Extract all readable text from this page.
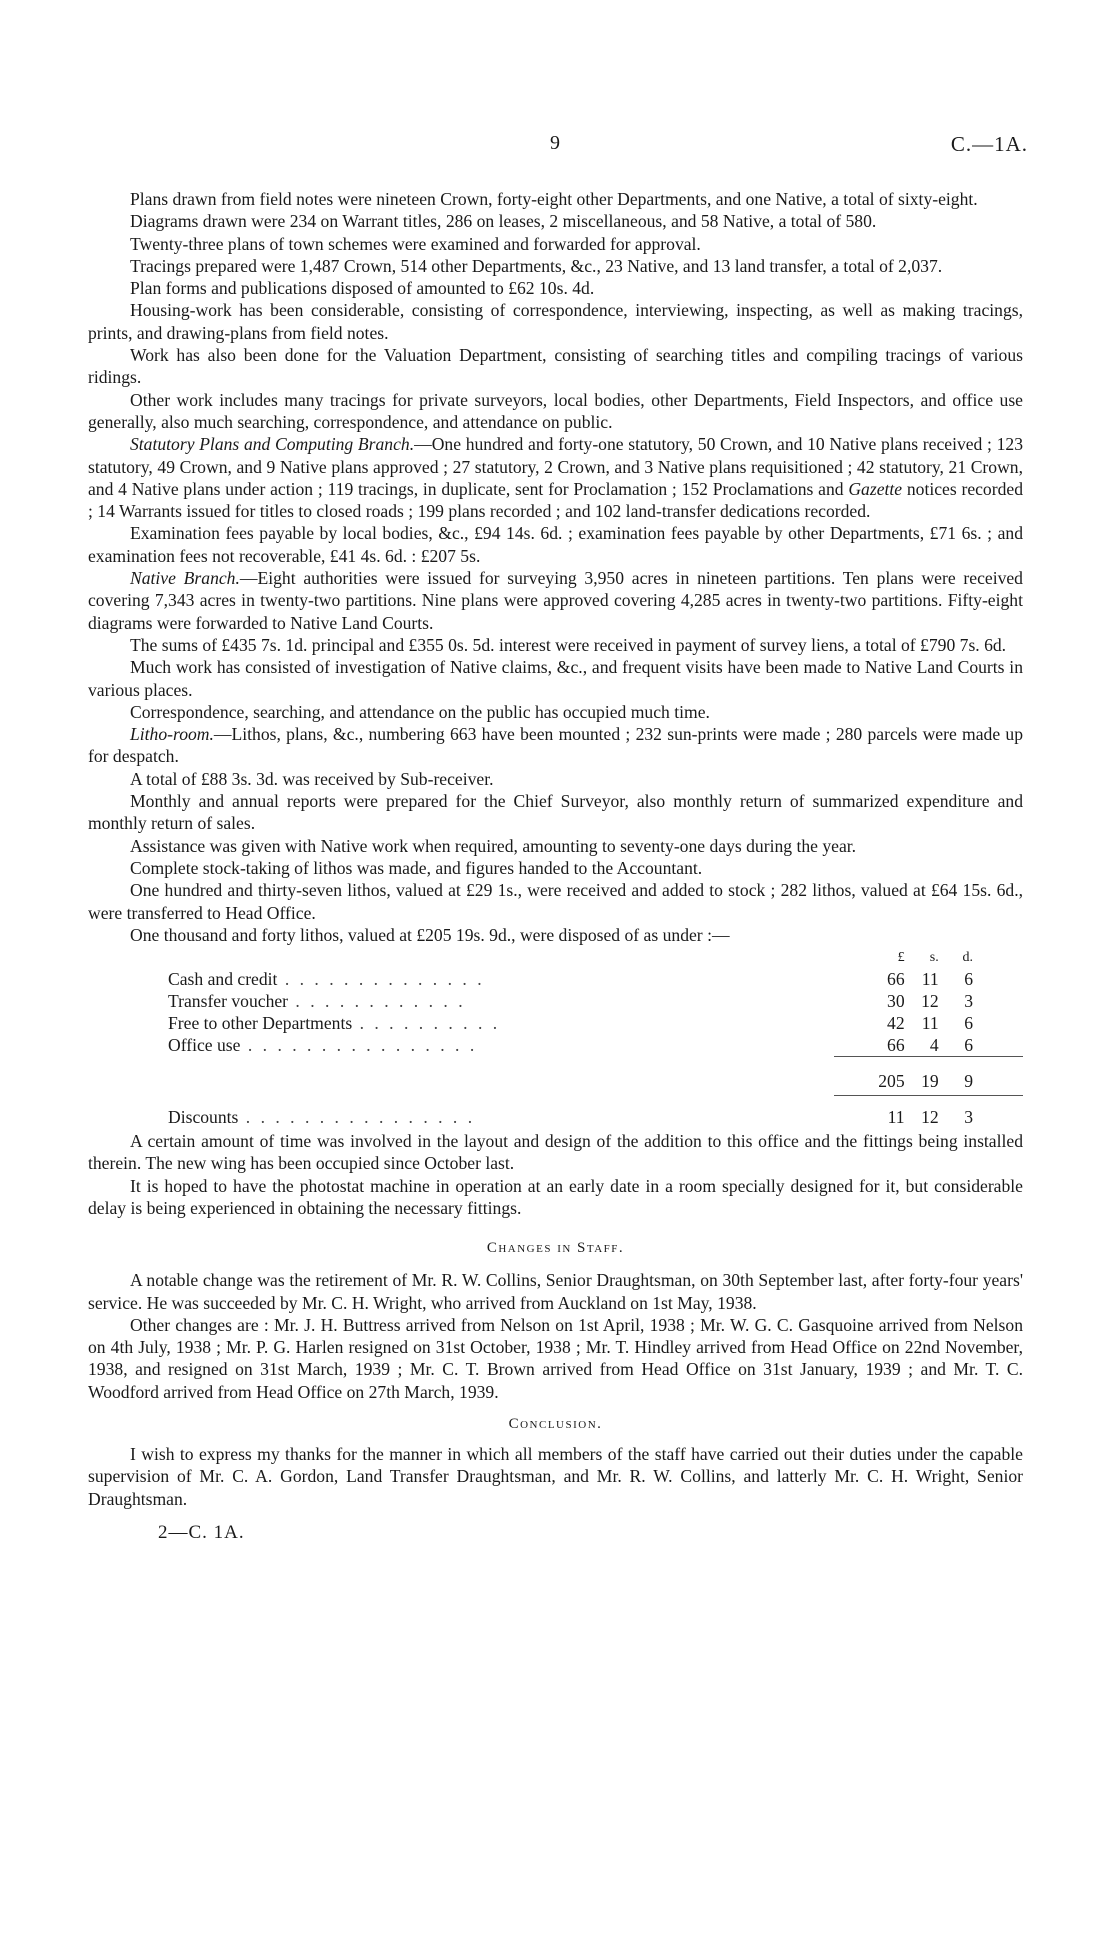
9	C.—1A.

Plans drawn from field notes were nineteen Crown, forty-eight other Departments, and one Native, a total of sixty-eight.

Diagrams drawn were 234 on Warrant titles, 286 on leases, 2 miscellaneous, and 58 Native, a total of 580.

Twenty-three plans of town schemes were examined and forwarded for approval.

Tracings prepared were 1,487 Crown, 514 other Departments, &c., 23 Native, and 13 land transfer, a total of 2,037.

Plan forms and publications disposed of amounted to £62 10s. 4d.

Housing-work has been considerable, consisting of correspondence, interviewing, inspecting, as well as making tracings, prints, and drawing-plans from field notes.

Work has also been done for the Valuation Department, consisting of searching titles and compiling tracings of various ridings.

Other work includes many tracings for private surveyors, local bodies, other Departments, Field Inspectors, and office use generally, also much searching, correspondence, and attendance on public.

Statutory Plans and Computing Branch.—One hundred and forty-one statutory, 50 Crown, and 10 Native plans received ; 123 statutory, 49 Crown, and 9 Native plans approved ; 27 statutory, 2 Crown, and 3 Native plans requisitioned ; 42 statutory, 21 Crown, and 4 Native plans under action ; 119 tracings, in duplicate, sent for Proclamation ; 152 Proclamations and Gazette notices recorded ; 14 Warrants issued for titles to closed roads ; 199 plans recorded ; and 102 land-transfer dedications recorded.

Examination fees payable by local bodies, &c., £94 14s. 6d. ; examination fees payable by other Departments, £71 6s. ; and examination fees not recoverable, £41 4s. 6d. : £207 5s.

Native Branch.—Eight authorities were issued for surveying 3,950 acres in nineteen partitions. Ten plans were received covering 7,343 acres in twenty-two partitions. Nine plans were approved covering 4,285 acres in twenty-two partitions. Fifty-eight diagrams were forwarded to Native Land Courts.

The sums of £435 7s. 1d. principal and £355 0s. 5d. interest were received in payment of survey liens, a total of £790 7s. 6d.

Much work has consisted of investigation of Native claims, &c., and frequent visits have been made to Native Land Courts in various places.

Correspondence, searching, and attendance on the public has occupied much time.

Litho-room.—Lithos, plans, &c., numbering 663 have been mounted ; 232 sun-prints were made ; 280 parcels were made up for despatch.

A total of £88 3s. 3d. was received by Sub-receiver.

Monthly and annual reports were prepared for the Chief Surveyor, also monthly return of summarized expenditure and monthly return of sales.

Assistance was given with Native work when required, amounting to seventy-one days during the year.

Complete stock-taking of lithos was made, and figures handed to the Accountant.

One hundred and thirty-seven lithos, valued at £29 1s., were received and added to stock ; 282 lithos, valued at £64 15s. 6d., were transferred to Head Office.

One thousand and forty lithos, valued at £205 19s. 9d., were disposed of as under :—

	£	s.	d.
Cash and credit . . . . . . . . . . . . . .	66	11	6
Transfer voucher . . . . . . . . . . . .	30	12	3
Free to other Departments . . . . . . . . . .	42	11	6
Office use . . . . . . . . . . . . . . . .	66	4	6

	205	19	9

Discounts . . . . . . . . . . . . . . . .	11	12	3

A certain amount of time was involved in the layout and design of the addition to this office and the fittings being installed therein. The new wing has been occupied since October last.

It is hoped to have the photostat machine in operation at an early date in a room specially designed for it, but considerable delay is being experienced in obtaining the necessary fittings.

Changes in Staff.

A notable change was the retirement of Mr. R. W. Collins, Senior Draughtsman, on 30th September last, after forty-four years' service. He was succeeded by Mr. C. H. Wright, who arrived from Auckland on 1st May, 1938.

Other changes are : Mr. J. H. Buttress arrived from Nelson on 1st April, 1938 ; Mr. W. G. C. Gasquoine arrived from Nelson on 4th July, 1938 ; Mr. P. G. Harlen resigned on 31st October, 1938 ; Mr. T. Hindley arrived from Head Office on 22nd November, 1938, and resigned on 31st March, 1939 ; Mr. C. T. Brown arrived from Head Office on 31st January, 1939 ; and Mr. T. C. Woodford arrived from Head Office on 27th March, 1939.

Conclusion.

I wish to express my thanks for the manner in which all members of the staff have carried out their duties under the capable supervision of Mr. C. A. Gordon, Land Transfer Draughtsman, and Mr. R. W. Collins, and latterly Mr. C. H. Wright, Senior Draughtsman.

2—C. 1A.
